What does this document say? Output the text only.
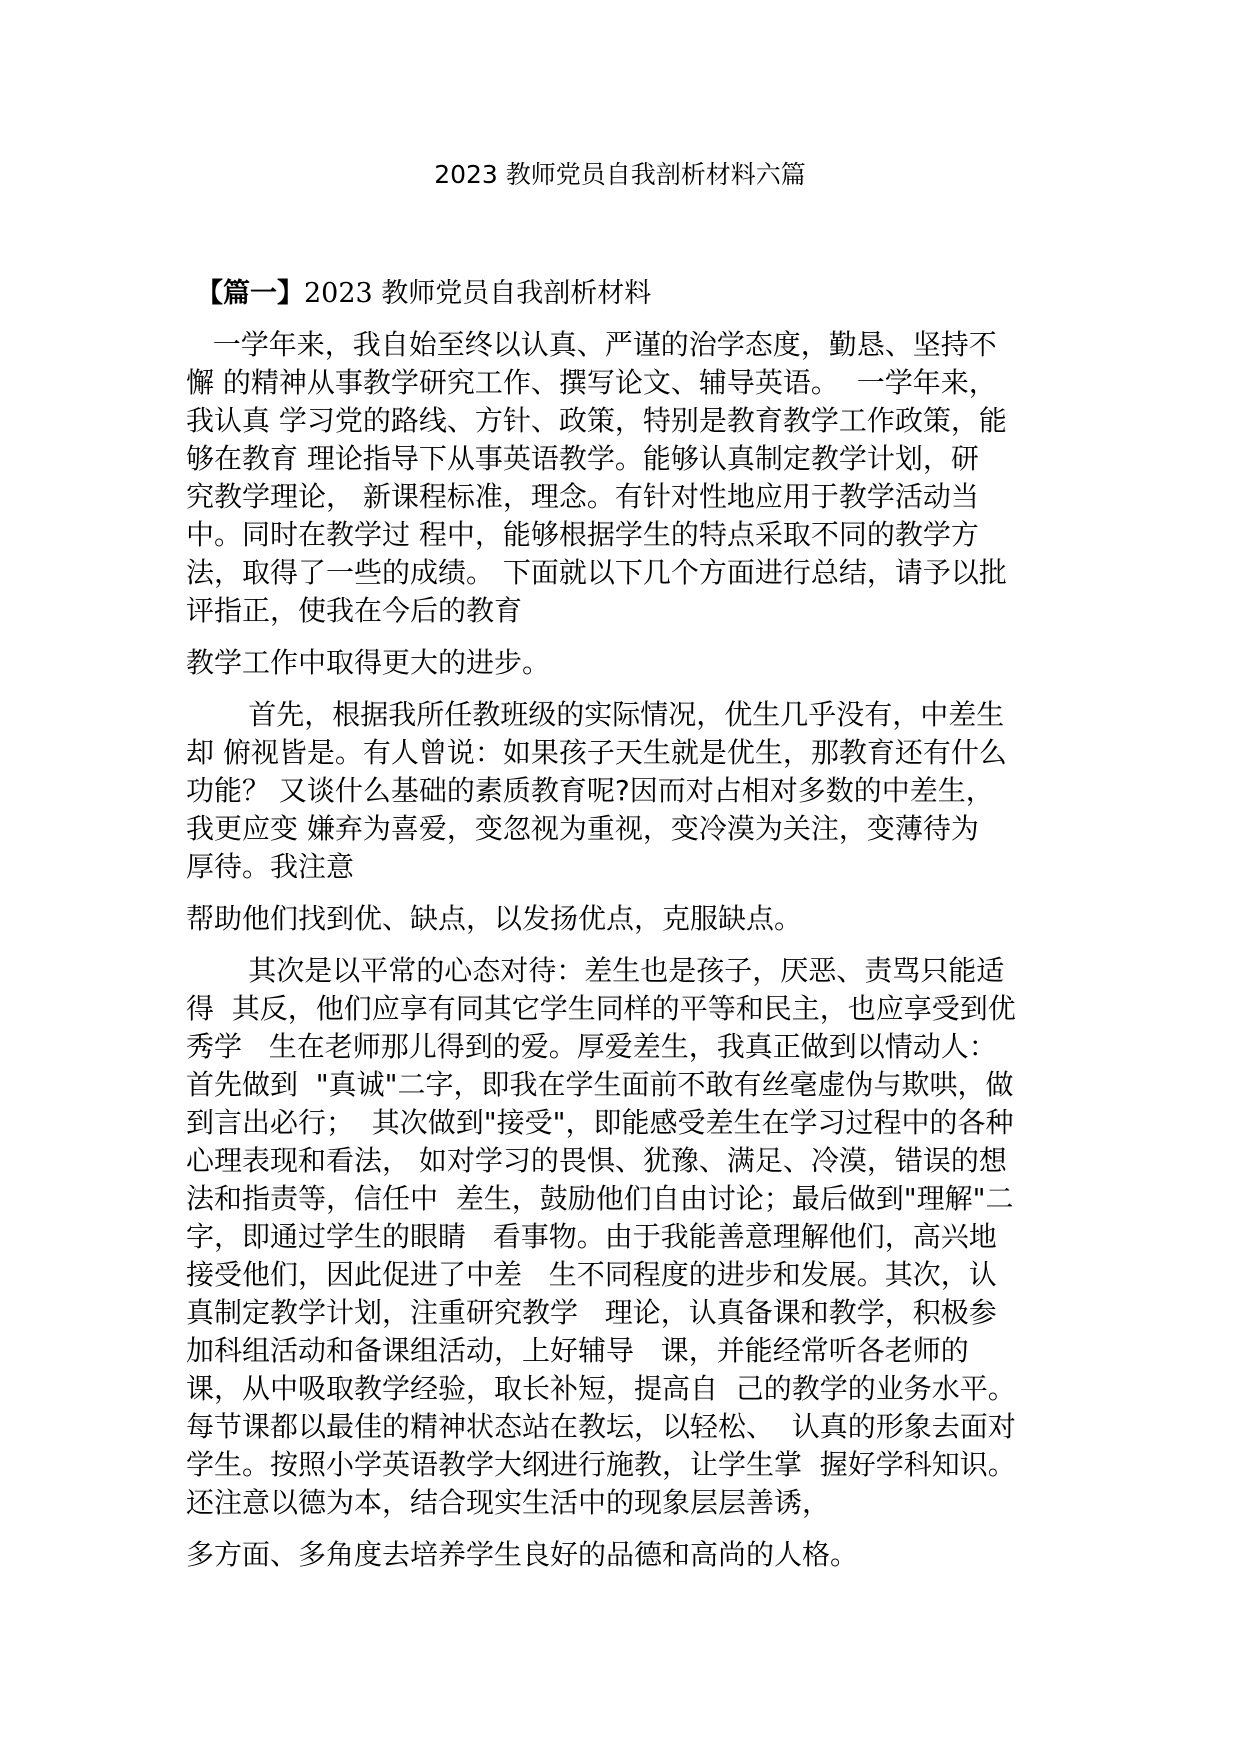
2023 教师党员自我剖析材料六篇
【篇一】2023 教师党员自我剖析材料
一学年来，我自始至终以认真、严谨的治学态度，勤恳、坚持不
懈 的精神从事教学研究工作、撰写论文、辅导英语。  一学年来，
我认真 学习党的路线、方针、政策，特别是教育教学工作政策，能
够在教育 理论指导下从事英语教学。能够认真制定教学计划，研
究教学理论， 新课程标准，理念。有针对性地应用于教学活动当
中。同时在教学过 程中，能够根据学生的特点采取不同的教学方
法，取得了一些的成绩。 下面就以下几个方面进行总结，请予以批
评指正，使我在今后的教育
教学工作中取得更大的进步。
首先，根据我所任教班级的实际情况，优生几乎没有，中差生
却 俯视皆是。有人曾说：如果孩子天生就是优生，那教育还有什么
功能？ 又谈什么基础的素质教育呢?因而对占相对多数的中差生，
我更应变 嫌弃为喜爱，变忽视为重视，变冷漠为关注，变薄待为
厚待。我注意
帮助他们找到优、缺点，以发扬优点，克服缺点。
其次是以平常的心态对待：差生也是孩子，厌恶、责骂只能适
得  其反，他们应享有同其它学生同样的平等和民主，也应享受到优
秀学   生在老师那儿得到的爱。厚爱差生，我真正做到以情动人：
首先做到  "真诚"二字，即我在学生面前不敢有丝毫虚伪与欺哄，做
到言出必行；  其次做到"接受"，即能感受差生在学习过程中的各种
心理表现和看法， 如对学习的畏惧、犹豫、满足、冷漠，错误的想
法和指责等，信任中  差生，鼓励他们自由讨论；最后做到"理解"二
字，即通过学生的眼睛   看事物。由于我能善意理解他们，高兴地
接受他们，因此促进了中差   生不同程度的进步和发展。其次，认
真制定教学计划，注重研究教学   理论，认真备课和教学，积极参
加科组活动和备课组活动，上好辅导   课，并能经常听各老师的
课，从中吸取教学经验，取长补短，提高自  己的教学的业务水平。
每节课都以最佳的精神状态站在教坛，以轻松、  认真的形象去面对
学生。按照小学英语教学大纲进行施教，让学生掌  握好学科知识。
还注意以德为本，结合现实生活中的现象层层善诱，
多方面、多角度去培养学生良好的品德和高尚的人格。
